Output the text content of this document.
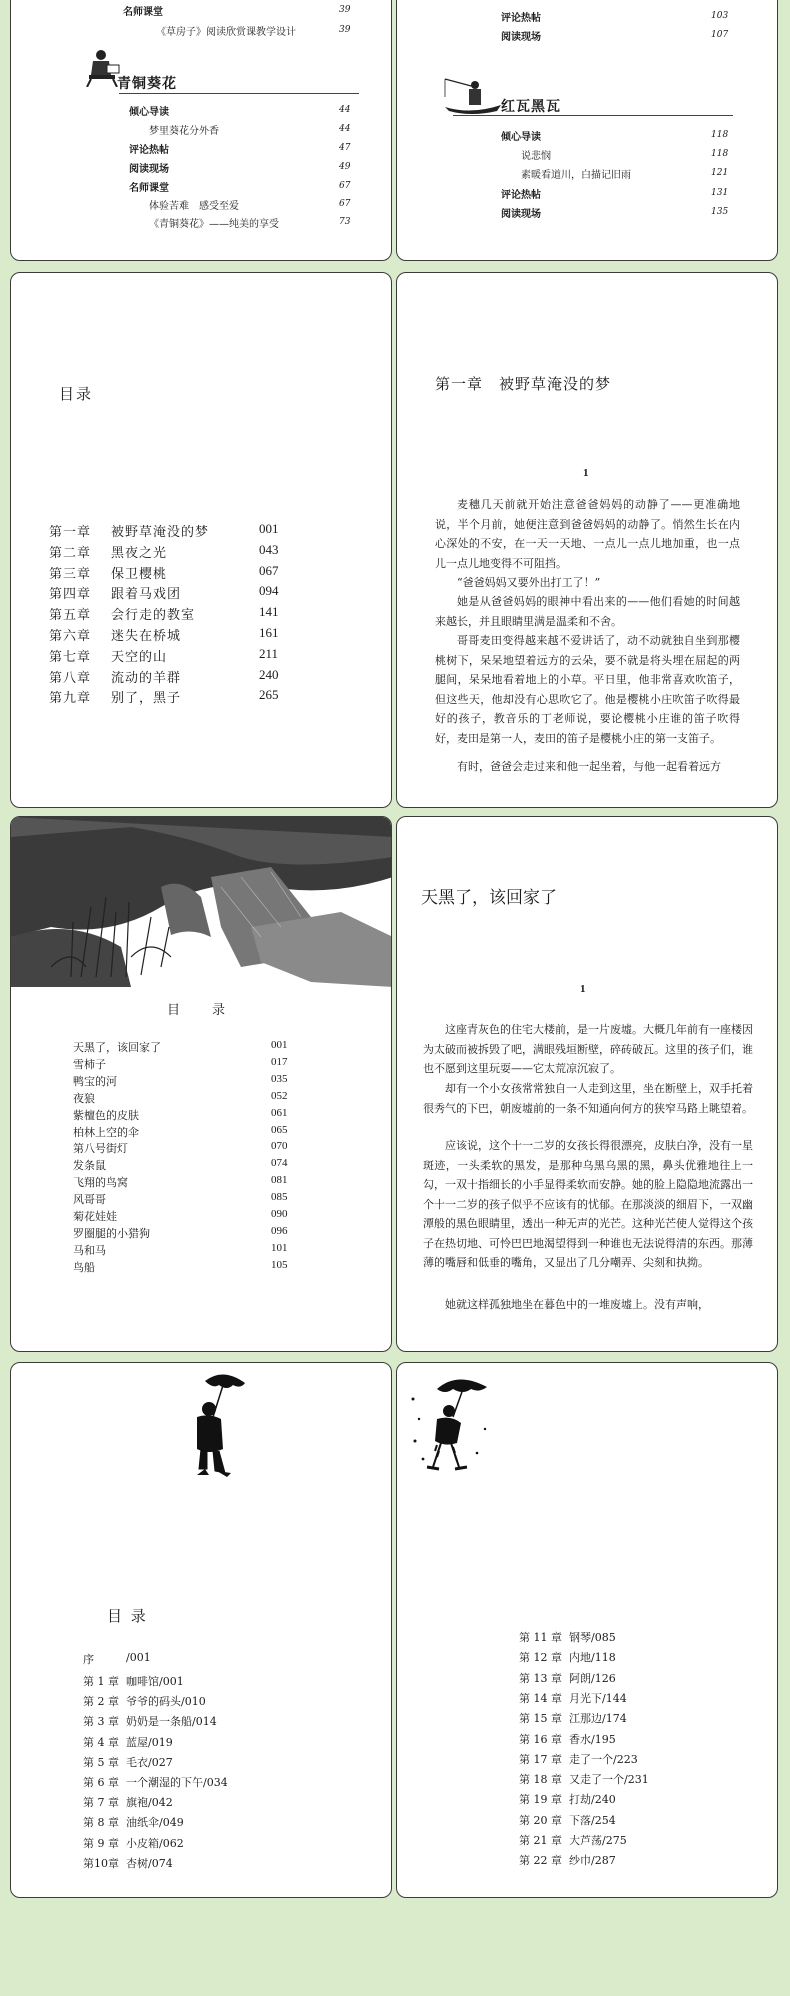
名师课堂	39
《草房子》阅读欣赏课教学设计	39
青铜葵花
倾心导读	44
梦里葵花分外香	44
评论热帖	47
阅读现场	49
名师课堂	67
体验苦难　感受至爱	67
《青铜葵花》——纯美的享受	73
评论热帖	103
阅读现场	107
红瓦黑瓦
倾心导读	118
说悲悯	118
素暖看道川，白描记旧雨	121
评论热帖	131
阅读现场	135
目录
第一章 被野草淹没的梦	001
第二章 黑夜之光	043
第三章 保卫樱桃	067
第四章 跟着马戏团	094
第五章 会行走的教室	141
第六章 迷失在桥城	161
第七章 天空的山	211
第八章 流动的羊群	240
第九章 别了，黑子	265
第一章　被野草淹没的梦
1
麦穗几天前就开始注意爸爸妈妈的动静了——更准确地说，半个月前，她便注意到爸爸妈妈的动静了。悄然生长在内心深处的不安，在一天一天地、一点儿一点儿地加重，也一点儿一点儿地变得不可阻挡。
“爸爸妈妈又要外出打工了！”
她是从爸爸妈妈的眼神中看出来的——他们看她的时间越来越长，并且眼睛里满是温柔和不舍。
哥哥麦田变得越来越不爱讲话了，动不动就独自坐到那樱桃树下，呆呆地望着远方的云朵，要不就是将头埋在屈起的两腿间，呆呆地看着地上的小草。平日里，他非常喜欢吹笛子，但这些天，他却没有心思吹它了。他是樱桃小庄吹笛子吹得最好的孩子，教音乐的丁老师说，要论樱桃小庄谁的笛子吹得好，麦田是第一人，麦田的笛子是樱桃小庄的第一支笛子。
有时，爸爸会走过来和他一起坐着，与他一起看着远方
目　　录
天黑了，该回家了	001
雪柿子	017
鸭宝的河	035
夜狼	052
紫檀色的皮肤	061
柏林上空的伞	065
第八号街灯	070
发条鼠	074
飞翔的鸟窝	081
风哥哥	085
菊花娃娃	090
罗圈腿的小猎狗	096
马和马	101
鸟船	105
天黑了，该回家了
1
这座青灰色的住宅大楼前，是一片废墟。大概几年前有一座楼因为太破而被拆毁了吧，满眼残垣断壁，碎砖破瓦。这里的孩子们，谁也不愿到这里玩耍——它太荒凉沉寂了。
却有一个小女孩常常独自一人走到这里，坐在断壁上，双手托着很秀气的下巴，朝废墟前的一条不知通向何方的狭窄马路上眺望着。
应该说，这个十一二岁的女孩长得很漂亮，皮肤白净，没有一星斑迹，一头柔软的黑发，是那种乌黑乌黑的黑，鼻头优雅地往上一勾，一双十指细长的小手显得柔软而安静。她的脸上隐隐地流露出一个十一二岁的孩子似乎不应该有的忧郁。在那淡淡的细眉下，一双幽潭般的黑色眼睛里，透出一种无声的光芒。这种光芒使人觉得这个孩子在热切地、可怜巴巴地渴望得到一种谁也无法说得清的东西。那薄薄的嘴唇和低垂的嘴角，又显出了几分嘲弄、尖刻和执拗。
她就这样孤独地坐在暮色中的一堆废墟上。没有声响，
目 录
序	/001
第 1 章 咖啡馆/001
第 2 章 爷爷的码头/010
第 3 章 奶奶是一条船/014
第 4 章 蓝屋/019
第 5 章 毛衣/027
第 6 章 一个潮湿的下午/034
第 7 章 旗袍/042
第 8 章 油纸伞/049
第 9 章 小皮箱/062
第10章 杏树/074
第 11 章 钢琴/085
第 12 章 内地/118
第 13 章 阿朗/126
第 14 章 月光下/144
第 15 章 江那边/174
第 16 章 香水/195
第 17 章 走了一个/223
第 18 章 又走了一个/231
第 19 章 打劫/240
第 20 章 下落/254
第 21 章 大芦荡/275
第 22 章 纱巾/287
